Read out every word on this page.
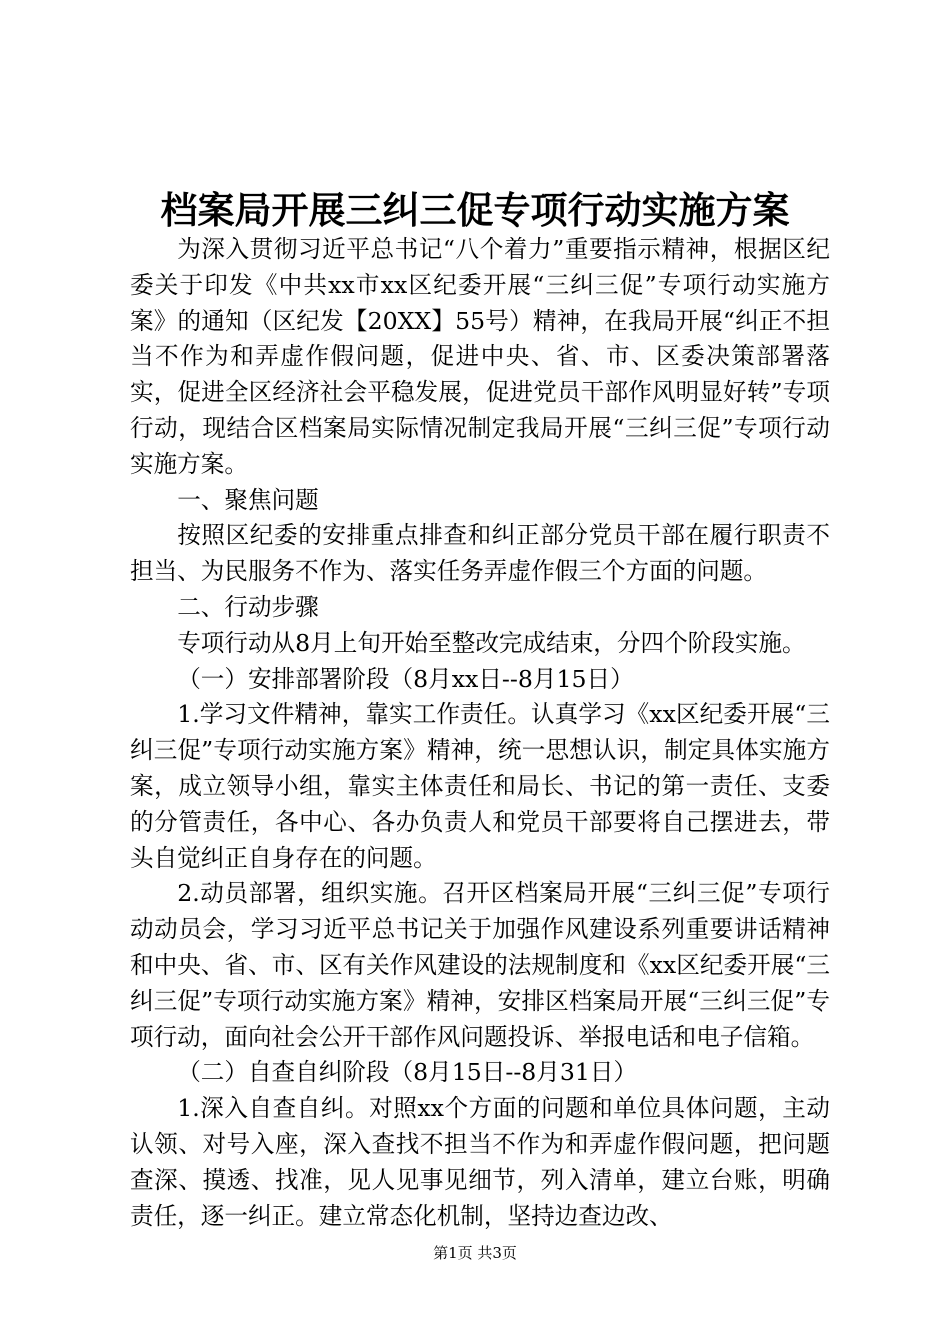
档案局开展三纠三促专项行动实施方案

为深入贯彻习近平总书记“八个着力”重要指示精神，根据区纪委关于印发《中共xx市xx区纪委开展“三纠三促”专项行动实施方案》的通知（区纪发【20XX】55号）精神，在我局开展“纠正不担当不作为和弄虚作假问题，促进中央、省、市、区委决策部署落实，促进全区经济社会平稳发展，促进党员干部作风明显好转”专项行动，现结合区档案局实际情况制定我局开展“三纠三促”专项行动实施方案。

一、聚焦问题

按照区纪委的安排重点排查和纠正部分党员干部在履行职责不担当、为民服务不作为、落实任务弄虚作假三个方面的问题。

二、行动步骤

专项行动从8月上旬开始至整改完成结束，分四个阶段实施。

（一）安排部署阶段（8月xx日--8月15日）

1.学习文件精神，靠实工作责任。认真学习《xx区纪委开展“三纠三促”专项行动实施方案》精神，统一思想认识，制定具体实施方案，成立领导小组，靠实主体责任和局长、书记的第一责任、支委的分管责任，各中心、各办负责人和党员干部要将自己摆进去，带头自觉纠正自身存在的问题。

2.动员部署，组织实施。召开区档案局开展“三纠三促”专项行动动员会，学习习近平总书记关于加强作风建设系列重要讲话精神和中央、省、市、区有关作风建设的法规制度和《xx区纪委开展“三纠三促”专项行动实施方案》精神，安排区档案局开展“三纠三促”专项行动，面向社会公开干部作风问题投诉、举报电话和电子信箱。

（二）自查自纠阶段（8月15日--8月31日）

1.深入自查自纠。对照xx个方面的问题和单位具体问题，主动认领、对号入座，深入查找不担当不作为和弄虚作假问题，把问题查深、摸透、找准，见人见事见细节，列入清单，建立台账，明确责任，逐一纠正。建立常态化机制，坚持边查边改、

第1页 共3页
